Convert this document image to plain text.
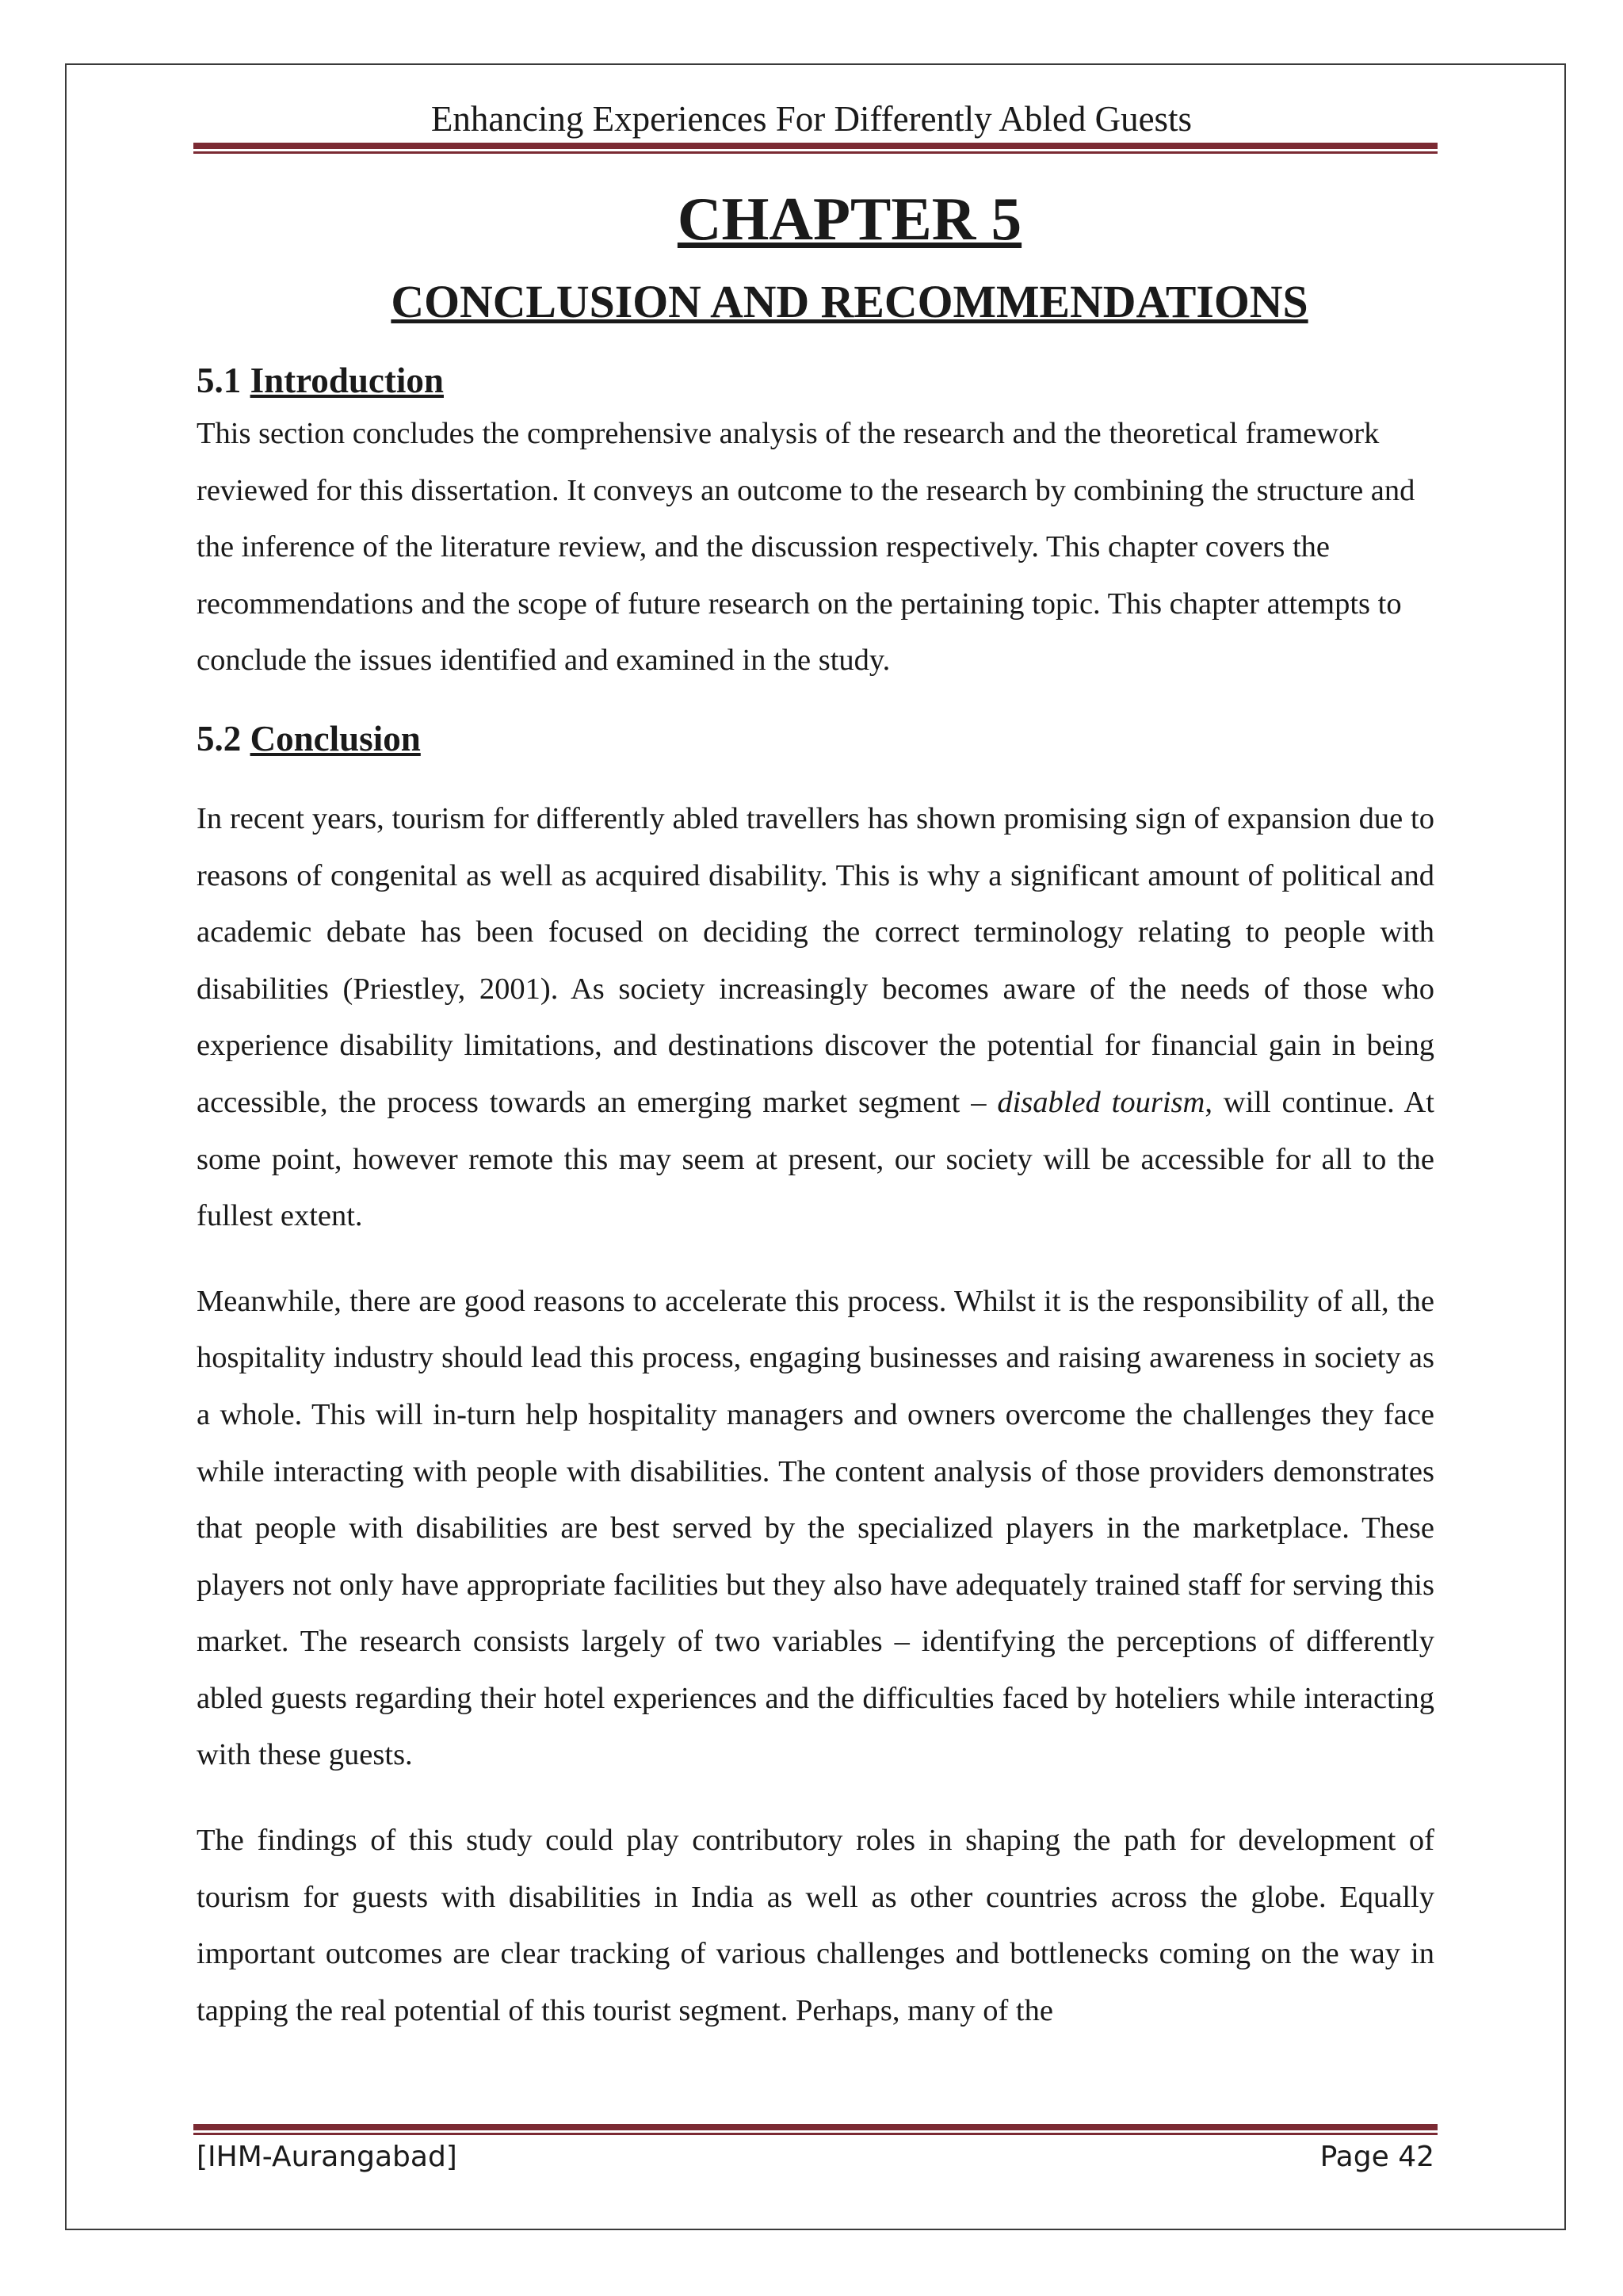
Enhancing Experiences For Differently Abled Guests
CHAPTER 5
CONCLUSION AND RECOMMENDATIONS
5.1 Introduction

This section concludes the comprehensive analysis of the research and the theoretical framework reviewed for this dissertation. It conveys an outcome to the research by combining the structure and the inference of the literature review, and the discussion respectively. This chapter covers the recommendations and the scope of future research on the pertaining topic. This chapter attempts to conclude the issues identified and examined in the study.

5.2 Conclusion

In recent years, tourism for differently abled travellers has shown promising sign of expansion due to reasons of congenital as well as acquired disability. This is why a significant amount of political and academic debate has been focused on deciding the correct terminology relating to people with disabilities (Priestley, 2001). As society increasingly becomes aware of the needs of those who experience disability limitations, and destinations discover the potential for financial gain in being accessible, the process towards an emerging market segment – disabled tourism, will continue. At some point, however remote this may seem at present, our society will be accessible for all to the fullest extent.

Meanwhile, there are good reasons to accelerate this process. Whilst it is the responsibility of all, the hospitality industry should lead this process, engaging businesses and raising awareness in society as a whole. This will in-turn help hospitality managers and owners overcome the challenges they face while interacting with people with disabilities. The content analysis of those providers demonstrates that people with disabilities are best served by the specialized players in the marketplace. These players not only have appropriate facilities but they also have adequately trained staff for serving this market. The research consists largely of two variables – identifying the perceptions of differently abled guests regarding their hotel experiences and the difficulties faced by hoteliers while interacting with these guests.

The findings of this study could play contributory roles in shaping the path for development of tourism for guests with disabilities in India as well as other countries across the globe. Equally important outcomes are clear tracking of various challenges and bottlenecks coming on the way in tapping the real potential of this tourist segment. Perhaps, many of the

[IHM-Aurangabad]	Page 42
